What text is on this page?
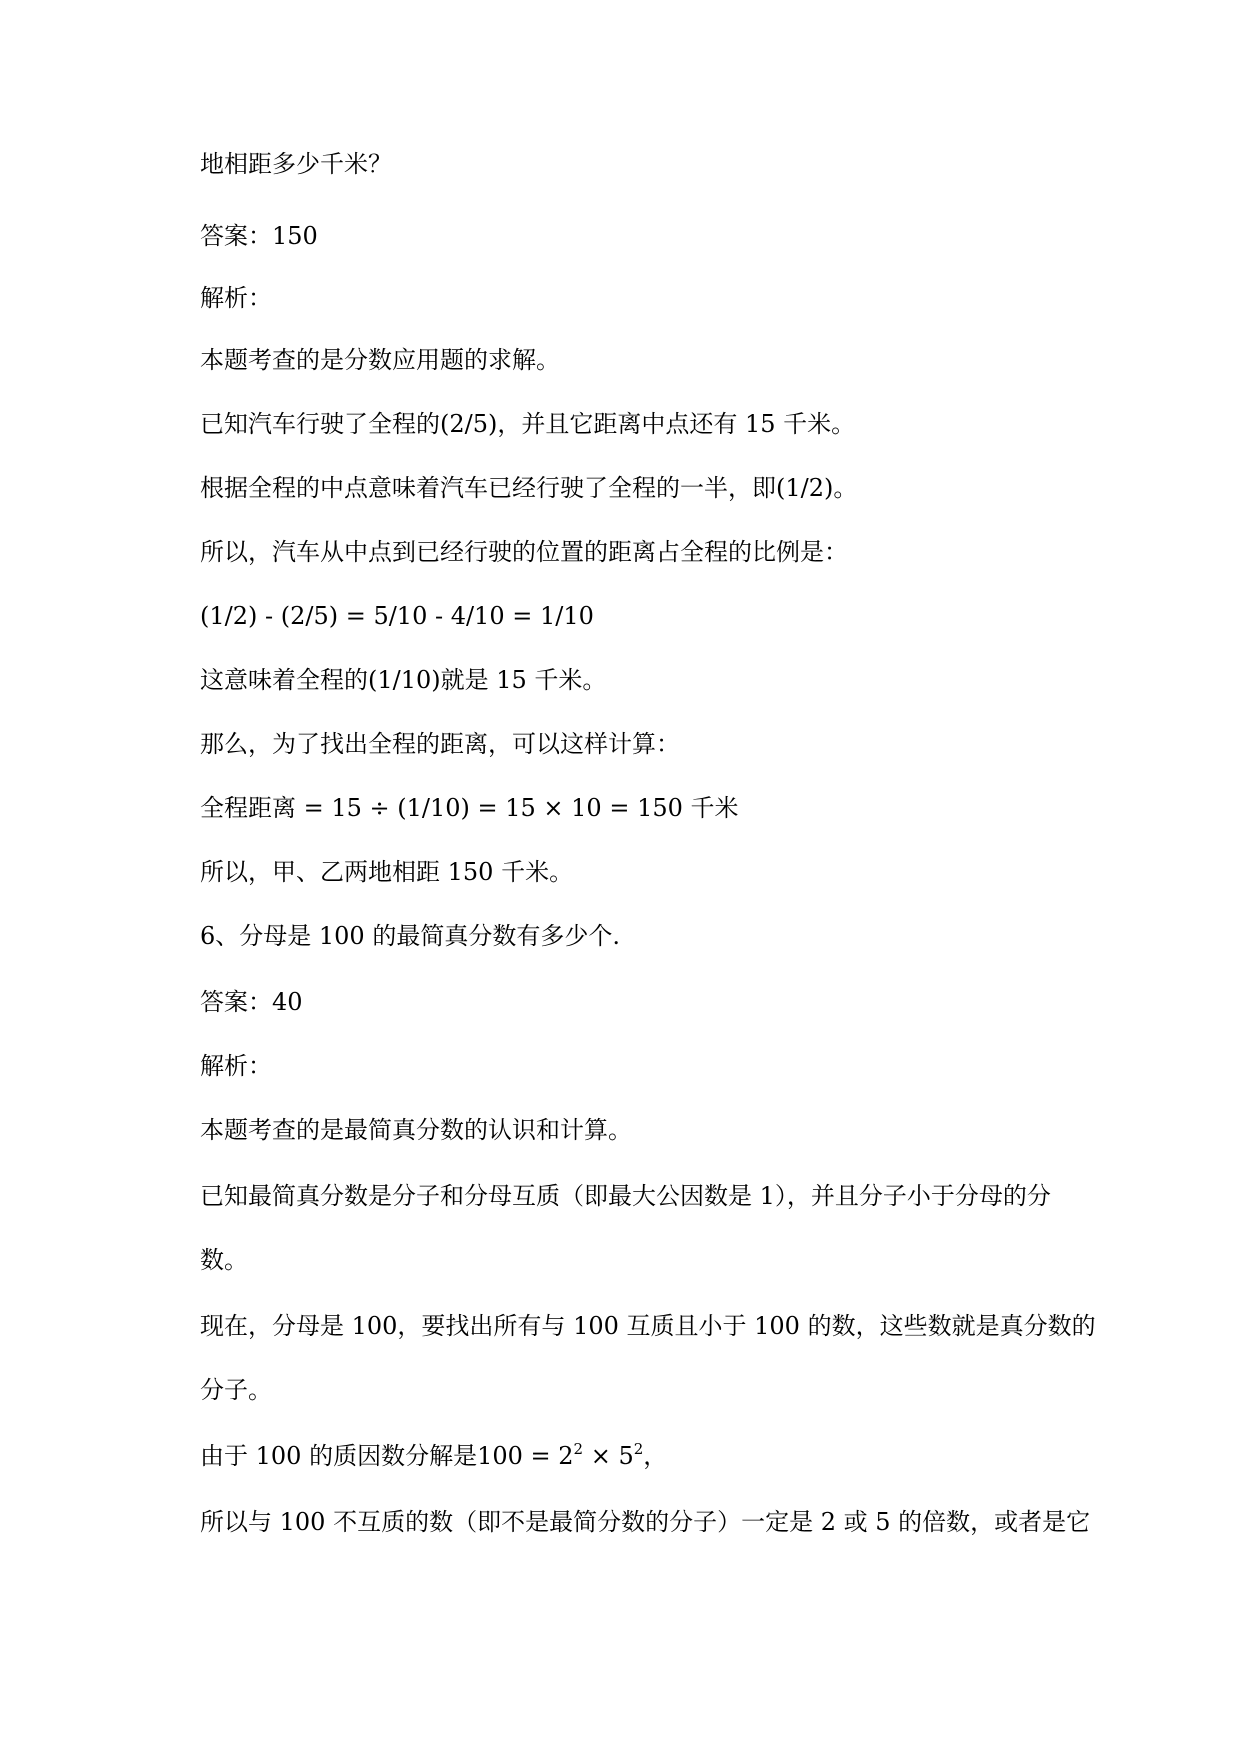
地相距多少千米？

答案：150

解析：

本题考查的是分数应用题的求解。

已知汽车行驶了全程的(2/5)，并且它距离中点还有 15 千米。

根据全程的中点意味着汽车已经行驶了全程的一半，即(1/2)。

所以，汽车从中点到已经行驶的位置的距离占全程的比例是：

(1/2) - (2/5) = 5/10 - 4/10 = 1/10

这意味着全程的(1/10)就是 15 千米。

那么，为了找出全程的距离，可以这样计算：

全程距离 = 15 ÷ (1/10) = 15 × 10 = 150 千米

所以，甲、乙两地相距 150 千米。

6、分母是 100 的最简真分数有多少个.

答案：40

解析：

本题考查的是最简真分数的认识和计算。

已知最简真分数是分子和分母互质（即最大公因数是 1），并且分子小于分母的分

数。

现在，分母是 100，要找出所有与 100 互质且小于 100 的数，这些数就是真分数的

分子。

由于 100 的质因数分解是$100 = 2^2 \times 5^2$，

所以与 100 不互质的数（即不是最简分数的分子）一定是 2 或 5 的倍数，或者是它
